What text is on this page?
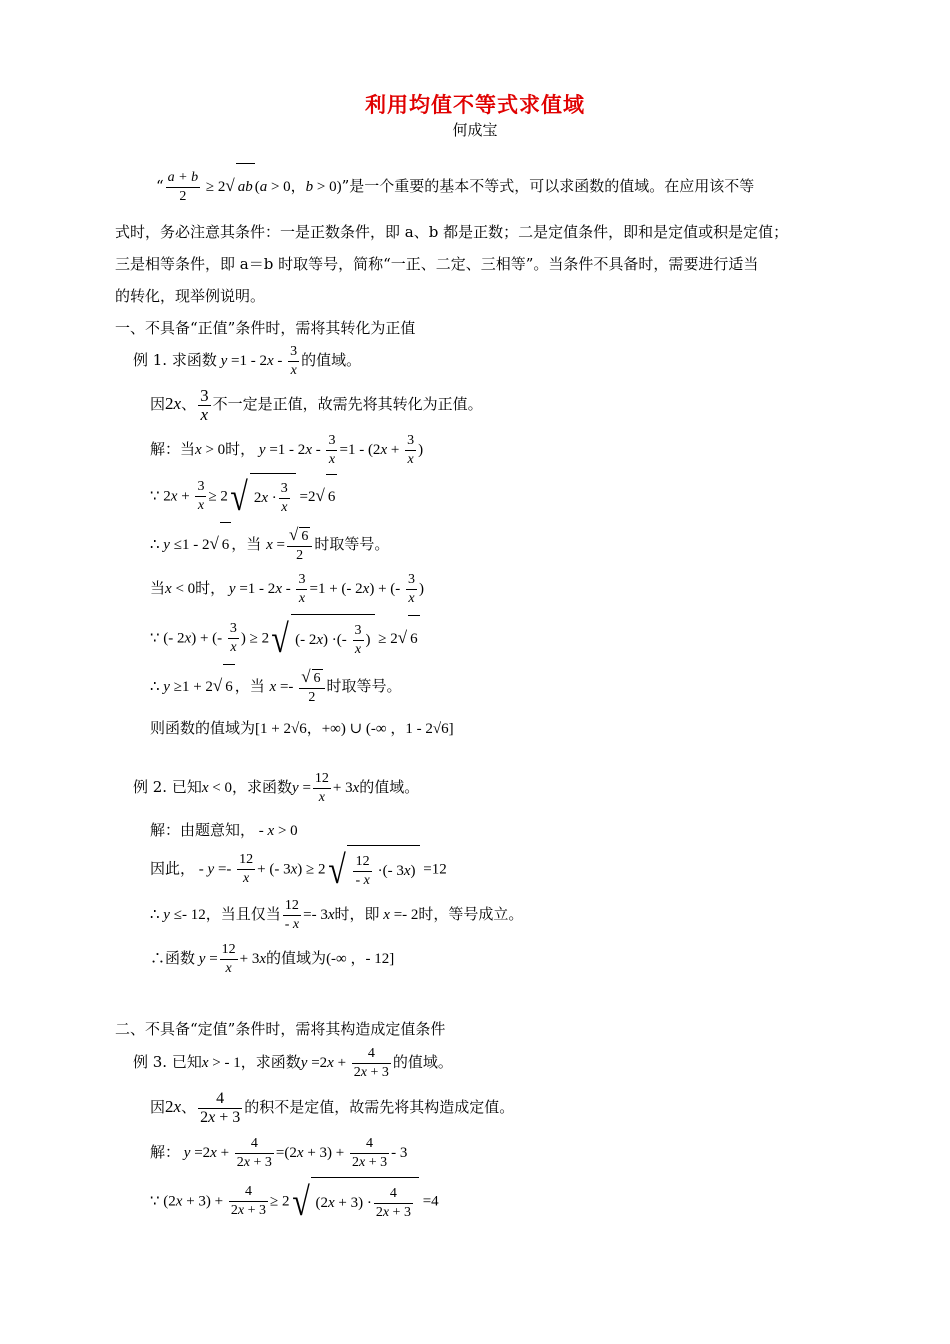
利用均值不等式求值域
何成宝
“ $\frac{a + b}{2} \ge 2√$ ab (a > 0，b > 0)”是一个重要的基本不等式，可以求函数的值域。在应用该不等
式时，务必注意其条件：一是正数条件，即 a、b 都是正数；二是定值条件，即和是定值或积是定值；
三是相等条件，即 a＝b 时取等号，简称“一正、二定、三相等”。当条件不具备时，需要进行适当
的转化，现举例说明。
一、不具备“正值”条件时，需将其转化为正值
例 1. 求函数 $y =1 - 2x - \frac{3}{x}$ 的值域。
因2x、 $\frac{3}{x}$ 不一定是正值，故需先将其转化为正值。
解：当x > 0时， $y =1 - 2x - \frac{3}{x} =1 - (2x + \frac{3}{x}$ )
∵ $2x + \frac{3}{x} \ge 2√$ $2x \cdot \frac{3}{x} =2√$ 6
∴ y ≤1 - 2√ 6 ，当 $x = \frac{√ 6}{2}$ 时取等号。
当x < 0时， $y =1 - 2x - \frac{3}{x} =1$ + (- 2x) + (- $\frac{3}{x}$ )
∵ (- 2x) + (- $\frac{3}{x}$ ) ≥ 2√ (- 2x) ·(- $\frac{3}{x}$ ) ≥ 2√ 6
∴ y ≥1 + 2√ 6 ，当 $x =- \frac{√ 6}{2}$ 时取等号。
则函数的值域为[1 + 2√6，+∞) ∪ (-∞ ，1 - 2√6]
例 2. 已知x < 0，求函数$y = \frac{12}{x} + 3x$的值域。
解：由题意知， - x > 0
因此， - $y =- \frac{12}{x}$ + (- $3x) \ge 2√ \frac{12}{- x}$ ·(- 3x) =12
∴ y ≤- 12，当且仅当 $\frac{12}{- x} =- 3x$时，即 x =- 2时，等号成立。
∴函数 $y = \frac{12}{x} + 3x$的值域为(-∞ ，- 12]
二、不具备“定值”条件时，需将其构造成定值条件
例 3. 已知x > - 1，求函数$y =2x + \frac{4}{2x + 3}$ 的值域。
因2x、 $\frac{4}{2x + 3}$ 的积不是定值，故需先将其构造成定值。
解： $y =2x + \frac{4}{2x + 3} =(2x + 3) + \frac{4}{2x + 3} - 3$
∵ $(2x + 3) + \frac{4}{2x + 3} \ge 2√$ $(2x + 3) \cdot \frac{4}{2x + 3} =4$
